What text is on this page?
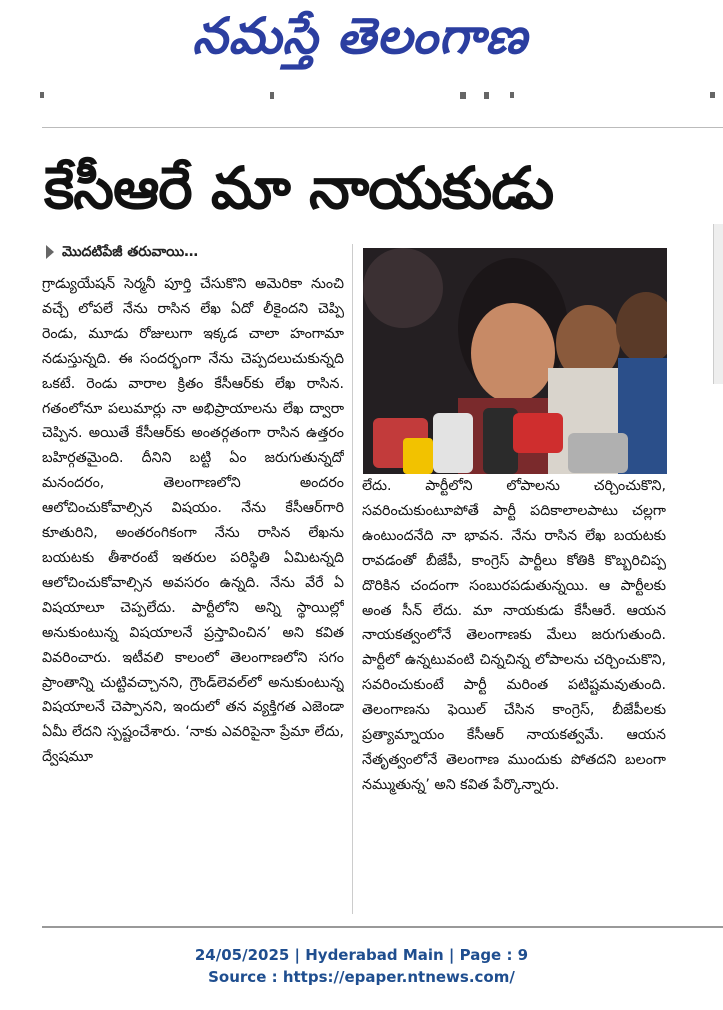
నమస్తే తెలంగాణ
కేసీఆరే మా నాయకుడు
మొదటిపేజీ తరువాయి…

గ్రాడ్యుయేషన్ సెర్మనీ పూర్తి చేసుకొని అమెరికా నుంచి వచ్చే లోపలే నేను రాసిన లేఖ ఏదో లీకైందని చెప్పి రెండు, మూడు రోజులుగా ఇక్కడ చాలా హంగామా నడుస్తున్నది. ఈ సందర్భంగా నేను చెప్పదలుచుకున్నది ఒకటే. రెండు వారాల క్రితం కేసీఆర్‌కు లేఖ రాసిన. గతంలోనూ పలుమార్లు నా అభిప్రాయాలను లేఖ ద్వారా చెప్పిన. అయితే కేసీఆర్‌కు అంతర్గతంగా రాసిన ఉత్తరం బహిర్గతమైంది. దీనిని బట్టి ఏం జరుగుతున్నదో మనందరం, తెలంగాణలోని అందరం ఆలోచించుకోవాల్సిన విషయం. నేను కేసీఆర్‌గారి కూతురిని, అంతరంగికంగా నేను రాసిన లేఖను బయటకు తీశారంటే ఇతరుల పరిస్థితి ఏమిటన్నది ఆలోచించుకోవాల్సిన అవసరం ఉన్నది. నేను వేరే ఏ విషయాలూ చెప్పలేదు. పార్టీలోని అన్ని స్థాయిల్లో అనుకుంటున్న విషయాలనే ప్రస్తావించిన’ అని కవిత వివరించారు. ఇటీవలి కాలంలో తెలంగాణలోని సగం ప్రాంతాన్ని చుట్టివచ్చానని, గ్రౌండ్‌లెవల్‌లో అనుకుంటున్న విషయాలనే చెప్పానని, ఇందులో తన వ్యక్తిగత ఎజెండా ఏమీ లేదని స్పష్టంచేశారు. ‘నాకు ఎవరిపైనా ప్రేమా లేదు, ద్వేషమూ

లేదు. పార్టీలోని లోపాలను చర్చించుకొని, సవరించుకుంటూపోతే పార్టీ పదికాలాలపాటు చల్లగా ఉంటుందనేది నా భావన. నేను రాసిన లేఖ బయటకు రావడంతో బీజేపీ, కాంగ్రెస్ పార్టీలు కోతికి కొబ్బరిచిప్ప దొరికిన చందంగా సంబురపడుతున్నయి. ఆ పార్టీలకు అంత సీన్ లేదు. మా నాయకుడు కేసీఆరే. ఆయన నాయకత్వంలోనే తెలంగాణకు మేలు జరుగుతుంది. పార్టీలో ఉన్నటువంటి చిన్నచిన్న లోపాలను చర్చించుకొని, సవరించుకుంటే పార్టీ మరింత పటిష్టమవుతుంది. తెలంగాణను ఫెయిల్ చేసిన కాంగ్రెస్, బీజేపీలకు ప్రత్యామ్నాయం కేసీఆర్ నాయకత్వమే. ఆయన నేతృత్వంలోనే తెలంగాణ ముందుకు పోతదని బలంగా నమ్ముతున్న’ అని కవిత పేర్కొన్నారు.

24/05/2025 | Hyderabad Main | Page : 9
Source : https://epaper.ntnews.com/
